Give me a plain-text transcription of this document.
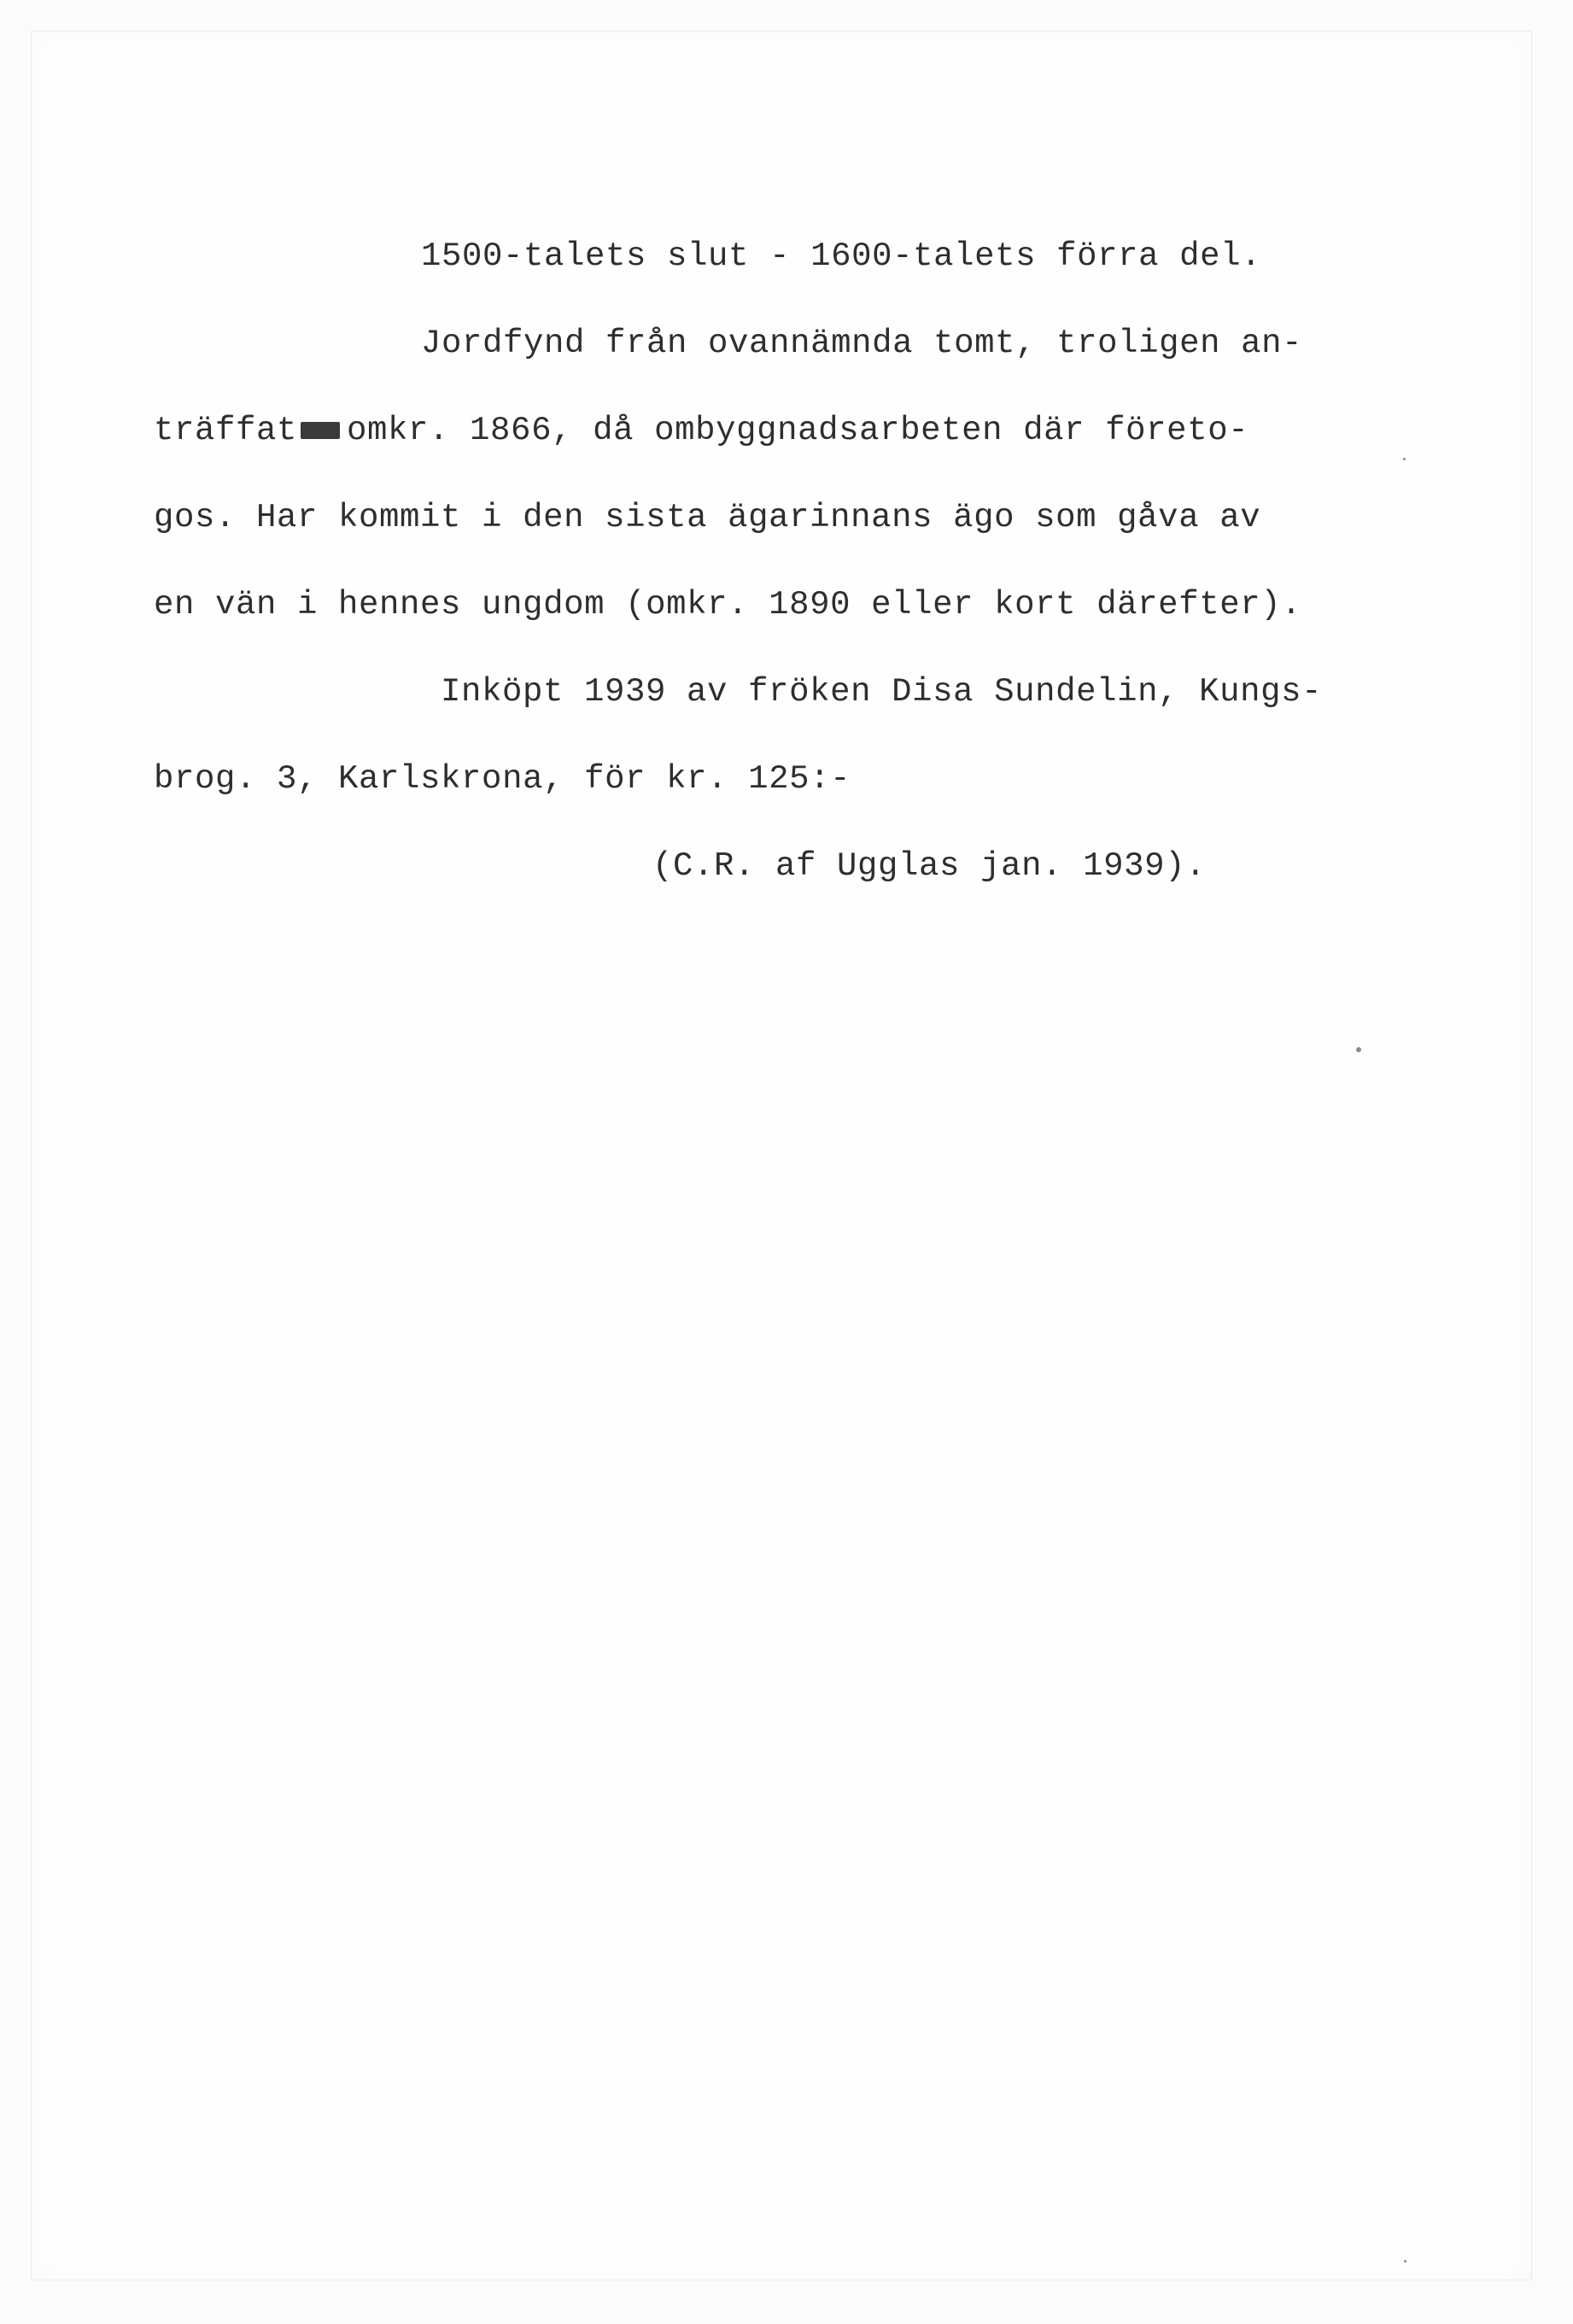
1500-talets slut - 1600-talets förra del.
Jordfynd från ovannämnda tomt, troligen an-
träffat omkr. 1866, då ombyggnadsarbeten där företo-
gos. Har kommit i den sista ägarinnans ägo som gåva av
en vän i hennes ungdom (omkr. 1890 eller kort därefter).
Inköpt 1939 av fröken Disa Sundelin, Kungs-
brog. 3, Karlskrona, för kr. 125:-
(C.R. af Ugglas jan. 1939).
